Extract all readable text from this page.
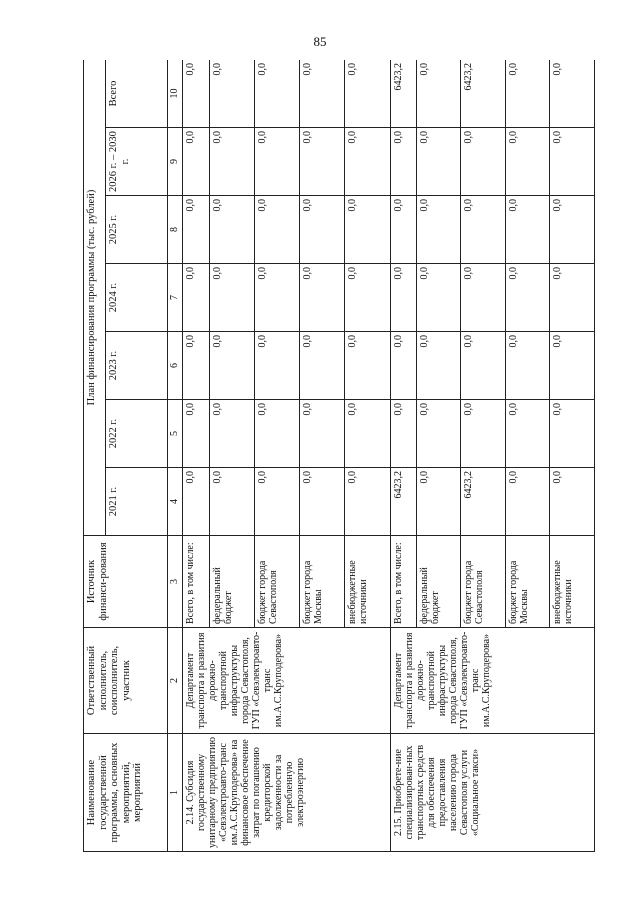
85
Наименование государственной программы, основных мероприятий, мероприятий	Ответственный исполнитель, соисполнитель, участник	Источник финанси-рования	План финансирования программы (тыс. рублей)						
			2021 г.	2022 г.	2023 г.	2024 г.	2025 г.	2026 г. – 2030 г.	Всего
1	2	3	4	5	6	7	8	9	10
2.14. Субсидия государственному унитарному предприятию «Севэлектроавто-транс им.А.С.Круподерова» на финансовое обеспечение затрат по погашению кредиторской задолженности за потребленную электроэнергию	Департамент транспорта и развития дорожно-транспортной инфраструктуры города Севастополя, ГУП «Севэлектроавто-транс им.А.С.Круподерова»	Всего, в том числе:	0,0	0,0	0,0	0,0	0,0	0,0	0,0
		федеральный бюджет	0,0	0,0	0,0	0,0	0,0	0,0	0,0
		бюджет города Севастополя	0,0	0,0	0,0	0,0	0,0	0,0	0,0
		бюджет города Москвы	0,0	0,0	0,0	0,0	0,0	0,0	0,0
		внебюджетные источники	0,0	0,0	0,0	0,0	0,0	0,0	0,0
2.15. Приобрете-ние специализирован-ных транспортных средств для обеспечения предоставления населению города Севастополя услуги «Социальное такси»	Департамент транспорта и развития дорожно-транспортной инфраструктуры города Севастополя, ГУП «Севэлектроавто-транс им.А.С.Круподерова»	Всего, в том числе:	6423,2	0,0	0,0	0,0	0,0	0,0	6423,2
		федеральный бюджет	0,0	0,0	0,0	0,0	0,0	0,0	0,0
		бюджет города Севастополя	6423,2	0,0	0,0	0,0	0,0	0,0	6423,2
		бюджет города Москвы	0,0	0,0	0,0	0,0	0,0	0,0	0,0
		внебюджетные источники	0,0	0,0	0,0	0,0	0,0	0,0	0,0
